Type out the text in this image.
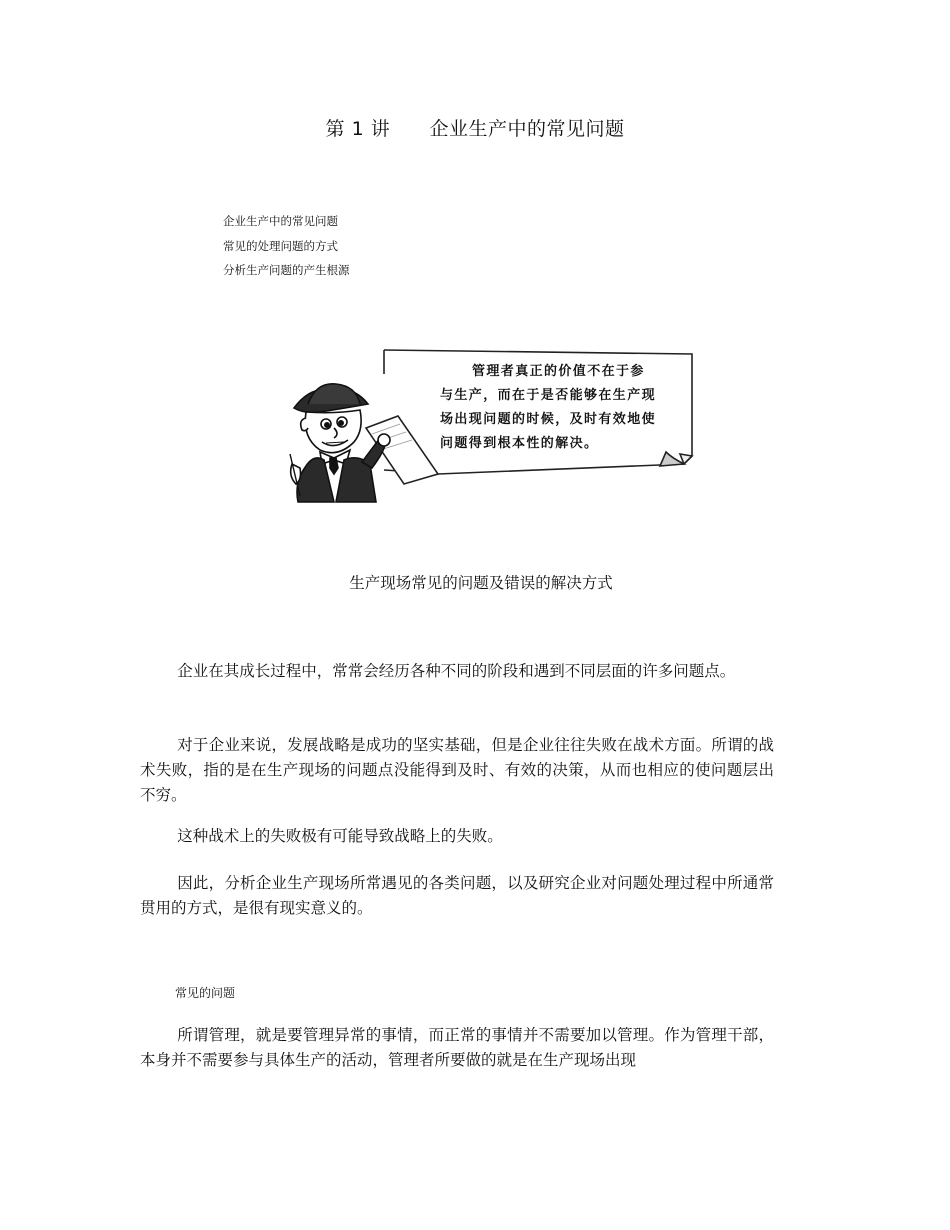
第 1 讲      企业生产中的常见问题
企业生产中的常见问题
常见的处理问题的方式
分析生产问题的产生根源
管理者真正的价值不在于参
与生产，而在于是否能够在生产现
场出现问题的时候，及时有效地使
问题得到根本性的解决。
生产现场常见的问题及错误的解决方式

企业在其成长过程中，常常会经历各种不同的阶段和遇到不同层面的许多问题点。

对于企业来说，发展战略是成功的坚实基础，但是企业往往失败在战术方面。所谓的战术失败，指的是在生产现场的问题点没能得到及时、有效的决策，从而也相应的使问题层出不穷。

这种战术上的失败极有可能导致战略上的失败。

因此，分析企业生产现场所常遇见的各类问题，以及研究企业对问题处理过程中所通常贯用的方式，是很有现实意义的。

常见的问题

所谓管理，就是要管理异常的事情，而正常的事情并不需要加以管理。作为管理干部，本身并不需要参与具体生产的活动，管理者所要做的就是在生产现场出现
